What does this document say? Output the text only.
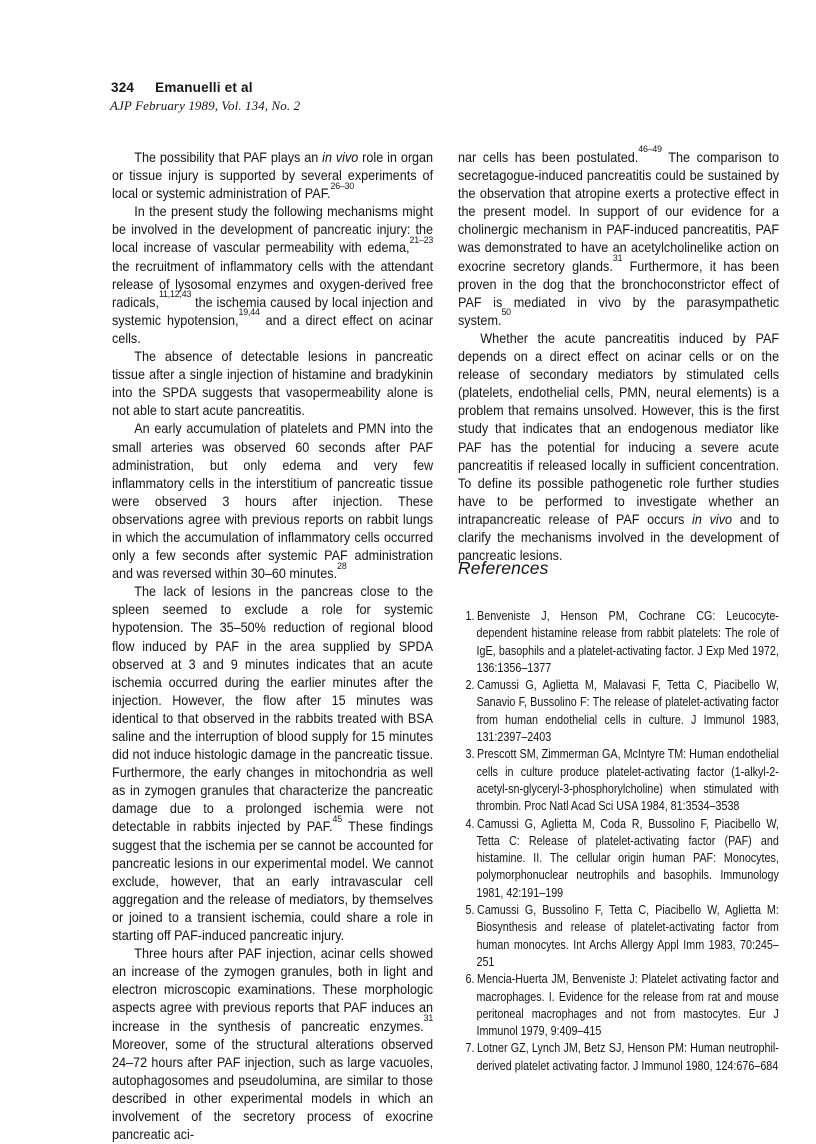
324 Emanuelli et al
AJP February 1989, Vol. 134, No. 2

The possibility that PAF plays an in vivo role in organ or tissue injury is supported by several experiments of local or systemic administration of PAF.$^{26-30}$

In the present study the following mechanisms might be involved in the development of pancreatic injury: the local increase of vascular permeability with edema,$^{21-23}$ the recruitment of inflammatory cells with the attendant release of lysosomal enzymes and oxygen-derived free radicals,$^{11,12,43}$ the ischemia caused by local injection and systemic hypotension,$^{19,44}$ and a direct effect on acinar cells.

The absence of detectable lesions in pancreatic tissue after a single injection of histamine and bradykinin into the SPDA suggests that vasopermeability alone is not able to start acute pancreatitis.

An early accumulation of platelets and PMN into the small arteries was observed 60 seconds after PAF administration, but only edema and very few inflammatory cells in the interstitium of pancreatic tissue were observed 3 hours after injection. These observations agree with previous reports on rabbit lungs in which the accumulation of inflammatory cells occurred only a few seconds after systemic PAF administration and was reversed within 30–60 minutes.$^{28}$

The lack of lesions in the pancreas close to the spleen seemed to exclude a role for systemic hypotension. The 35–50% reduction of regional blood flow induced by PAF in the area supplied by SPDA observed at 3 and 9 minutes indicates that an acute ischemia occurred during the earlier minutes after the injection. However, the flow after 15 minutes was identical to that observed in the rabbits treated with BSA saline and the interruption of blood supply for 15 minutes did not induce histologic damage in the pancreatic tissue. Furthermore, the early changes in mitochondria as well as in zymogen granules that characterize the pancreatic damage due to a prolonged ischemia were not detectable in rabbits injected by PAF.$^{45}$ These findings suggest that the ischemia per se cannot be accounted for pancreatic lesions in our experimental model. We cannot exclude, however, that an early intravascular cell aggregation and the release of mediators, by themselves or joined to a transient ischemia, could share a role in starting off PAF-induced pancreatic injury.

Three hours after PAF injection, acinar cells showed an increase of the zymogen granules, both in light and electron microscopic examinations. These morphologic aspects agree with previous reports that PAF induces an increase in the synthesis of pancreatic enzymes.$^{31}$ Moreover, some of the structural alterations observed 24–72 hours after PAF injection, such as large vacuoles, autophagosomes and pseudolumina, are similar to those described in other experimental models in which an involvement of the secretory process of exocrine pancreatic aci-

nar cells has been postulated.$^{46-49}$ The comparison to secretagogue-induced pancreatitis could be sustained by the observation that atropine exerts a protective effect in the present model. In support of our evidence for a cholinergic mechanism in PAF-induced pancreatitis, PAF was demonstrated to have an acetylcholinelike action on exocrine secretory glands.$^{31}$ Furthermore, it has been proven in the dog that the bronchoconstrictor effect of PAF is mediated in vivo by the parasympathetic system.$^{50}$

Whether the acute pancreatitis induced by PAF depends on a direct effect on acinar cells or on the release of secondary mediators by stimulated cells (platelets, endothelial cells, PMN, neural elements) is a problem that remains unsolved. However, this is the first study that indicates that an endogenous mediator like PAF has the potential for inducing a severe acute pancreatitis if released locally in sufficient concentration. To define its possible pathogenetic role further studies have to be performed to investigate whether an intrapancreatic release of PAF occurs in vivo and to clarify the mechanisms involved in the development of pancreatic lesions.

References
1. Benveniste J, Henson PM, Cochrane CG: Leucocyte-dependent histamine release from rabbit platelets: The role of IgE, basophils and a platelet-activating factor. J Exp Med 1972, 136:1356–1377
2. Camussi G, Aglietta M, Malavasi F, Tetta C, Piacibello W, Sanavio F, Bussolino F: The release of platelet-activating factor from human endothelial cells in culture. J Immunol 1983, 131:2397–2403
3. Prescott SM, Zimmerman GA, McIntyre TM: Human endothelial cells in culture produce platelet-activating factor (1-alkyl-2-acetyl-sn-glyceryl-3-phosphorylcholine) when stimulated with thrombin. Proc Natl Acad Sci USA 1984, 81:3534–3538
4. Camussi G, Aglietta M, Coda R, Bussolino F, Piacibello W, Tetta C: Release of platelet-activating factor (PAF) and histamine. II. The cellular origin human PAF: Monocytes, polymorphonuclear neutrophils and basophils. Immunology 1981, 42:191–199
5. Camussi G, Bussolino F, Tetta C, Piacibello W, Aglietta M: Biosynthesis and release of platelet-activating factor from human monocytes. Int Archs Allergy Appl Imm 1983, 70:245–251
6. Mencia-Huerta JM, Benveniste J: Platelet activating factor and macrophages. I. Evidence for the release from rat and mouse peritoneal macrophages and not from mastocytes. Eur J Immunol 1979, 9:409–415
7. Lotner GZ, Lynch JM, Betz SJ, Henson PM: Human neutrophil-derived platelet activating factor. J Immunol 1980, 124:676–684
